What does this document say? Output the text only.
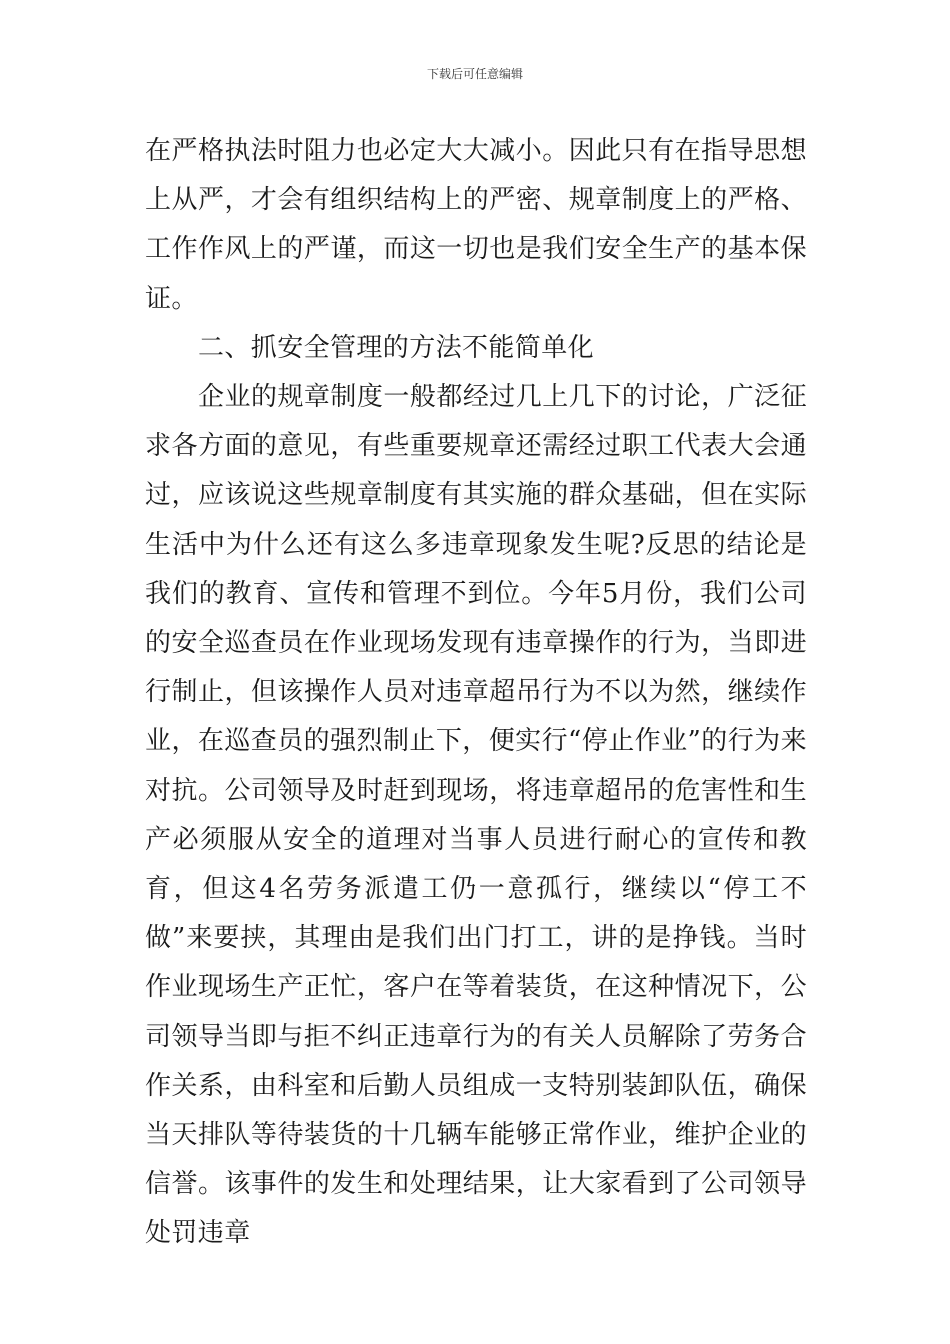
下载后可任意编辑

在严格执法时阻力也必定大大减小。因此只有在指导思想上从严，才会有组织结构上的严密、规章制度上的严格、工作作风上的严谨，而这一切也是我们安全生产的基本保证。

二、抓安全管理的方法不能简单化

企业的规章制度一般都经过几上几下的讨论，广泛征求各方面的意见，有些重要规章还需经过职工代表大会通过，应该说这些规章制度有其实施的群众基础，但在实际生活中为什么还有这么多违章现象发生呢?反思的结论是我们的教育、宣传和管理不到位。今年5月份，我们公司的安全巡查员在作业现场发现有违章操作的行为，当即进行制止，但该操作人员对违章超吊行为不以为然，继续作业，在巡查员的强烈制止下，便实行“停止作业”的行为来对抗。公司领导及时赶到现场，将违章超吊的危害性和生产必须服从安全的道理对当事人员进行耐心的宣传和教育，但这4名劳务派遣工仍一意孤行，继续以“停工不做”来要挟，其理由是我们出门打工，讲的是挣钱。当时作业现场生产正忙，客户在等着装货，在这种情况下，公司领导当即与拒不纠正违章行为的有关人员解除了劳务合作关系，由科室和后勤人员组成一支特别装卸队伍，确保当天排队等待装货的十几辆车能够正常作业，维护企业的信誉。该事件的发生和处理结果，让大家看到了公司领导处罚违章
